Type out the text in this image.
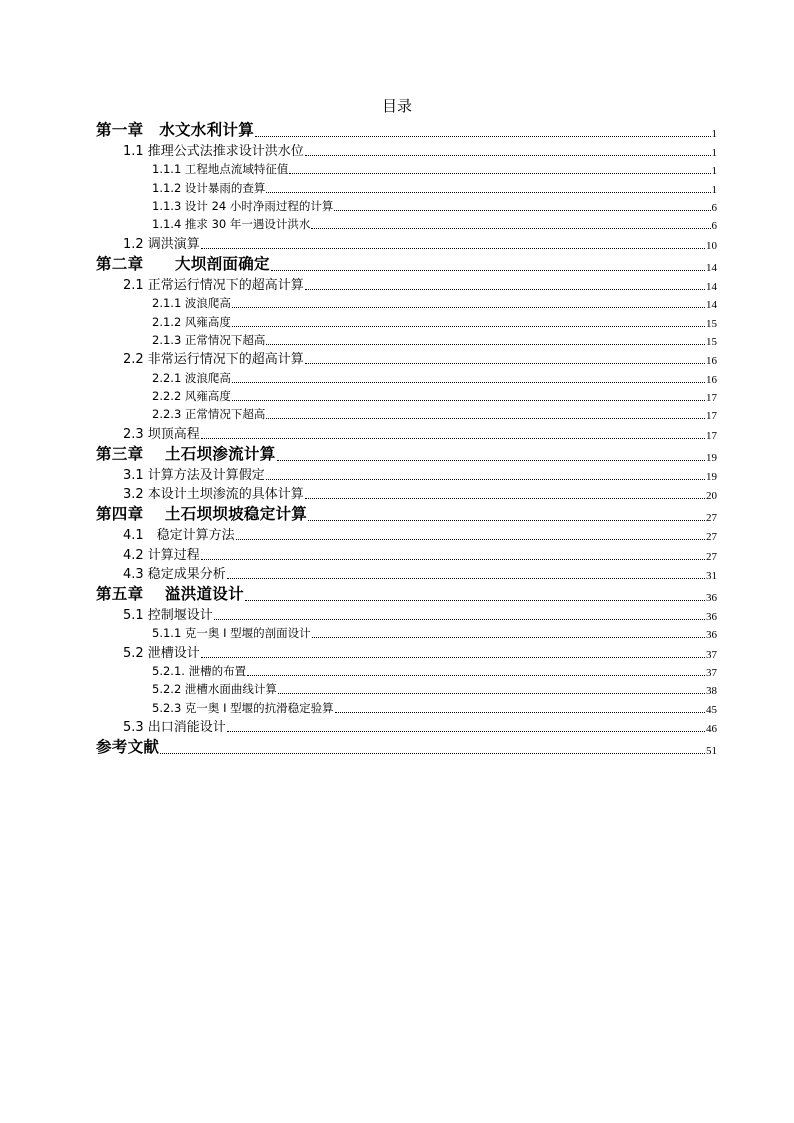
目录
第一章　水文水利计算	1
1.1 推理公式法推求设计洪水位	1
1.1.1 工程地点流域特征值	1
1.1.2 设计暴雨的查算	1
1.1.3 设计 24 小时净雨过程的计算	6
1.1.4 推求 30 年一遇设计洪水	6
1.2 调洪演算	10
第二章　　大坝剖面确定	14
2.1 正常运行情况下的超高计算	14
2.1.1 波浪爬高	14
2.1.2 风雍高度	15
2.1.3 正常情况下超高	15
2.2 非常运行情况下的超高计算	16
2.2.1 波浪爬高	16
2.2.2 风雍高度	17
2.2.3 正常情况下超高	17
2.3 坝顶高程	17
第三章　 土石坝渗流计算	19
3.1 计算方法及计算假定	19
3.2 本设计土坝渗流的具体计算	20
第四章　 土石坝坝坡稳定计算	27
4.1　稳定计算方法	27
4.2 计算过程	27
4.3 稳定成果分析	31
第五章　 溢洪道设计	36
5.1 控制堰设计	36
5.1.1 克一奥 I 型堰的剖面设计	36
5.2 泄槽设计	37
5.2.1. 泄槽的布置	37
5.2.2 泄槽水面曲线计算	38
5.2.3 克一奥 I 型堰的抗滑稳定验算	45
5.3 出口消能设计	46
参考文献	51
